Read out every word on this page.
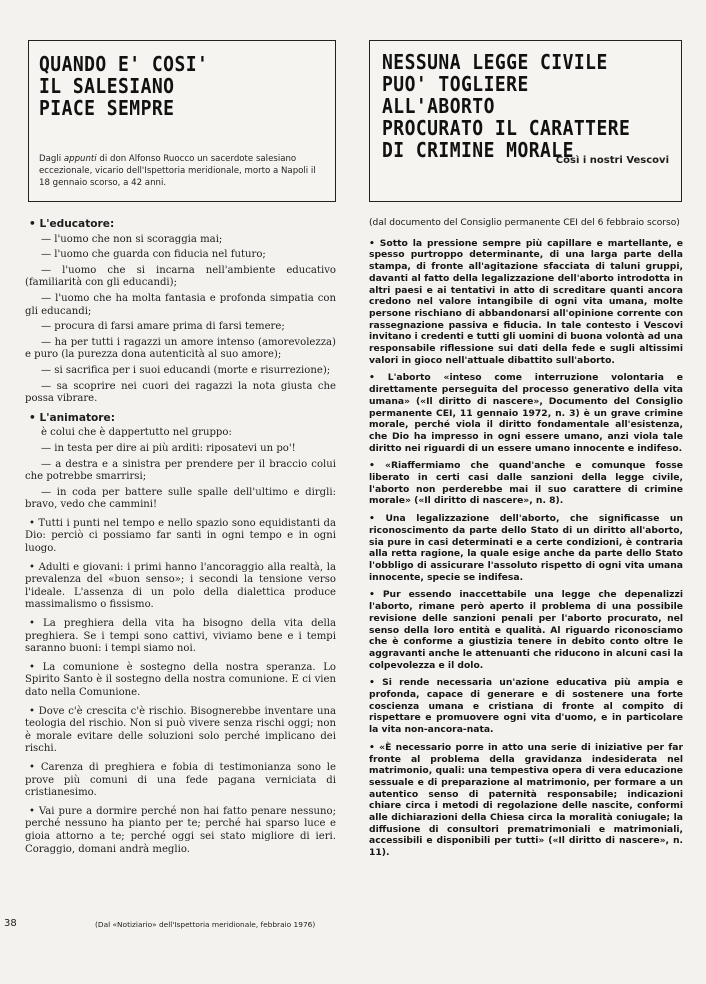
QUANDO E' COSI'
IL SALESIANO
PIACE SEMPRE
Dagli appunti di don Alfonso Ruocco un sacerdote salesiano eccezionale, vicario dell'Ispettoria meridionale, morto a Napoli il 18 gennaio scorso, a 42 anni.
NESSUNA LEGGE CIVILE
PUO' TOGLIERE ALL'ABORTO
PROCURATO IL CARATTERE
DI CRIMINE MORALE
Così i nostri Vescovi

• L'educatore:

— l'uomo che non si scoraggia mai;

— l'uomo che guarda con fiducia nel futuro;

— l'uomo che si incarna nell'ambiente educativo (familiarità con gli educandi);

— l'uomo che ha molta fantasia e profonda simpatia con gli educandi;

— procura di farsi amare prima di farsi temere;

— ha per tutti i ragazzi un amore intenso (amorevolezza) e puro (la purezza dona autenticità al suo amore);

— si sacrifica per i suoi educandi (morte e risurrezione);

— sa scoprire nei cuori dei ragazzi la nota giusta che possa vibrare.

• L'animatore:

è colui che è dappertutto nel gruppo:

— in testa per dire ai più arditi: riposatevi un po'!

— a destra e a sinistra per prendere per il braccio colui che potrebbe smarrirsi;

— in coda per battere sulle spalle dell'ultimo e dirgli: bravo, vedo che cammini!

• Tutti i punti nel tempo e nello spazio sono equidistanti da Dio: perciò ci possiamo far santi in ogni tempo e in ogni luogo.

• Adulti e giovani: i primi hanno l'ancoraggio alla realtà, la prevalenza del «buon senso»; i secondi la tensione verso l'ideale. L'assenza di un polo della dialettica produce massimalismo o fissismo.

• La preghiera della vita ha bisogno della vita della preghiera. Se i tempi sono cattivi, viviamo bene e i tempi saranno buoni: i tempi siamo noi.

• La comunione è sostegno della nostra speranza. Lo Spirito Santo è il sostegno della nostra comunione. E ci vien dato nella Comunione.

• Dove c'è crescita c'è rischio. Bisognerebbe inventare una teologia del rischio. Non si può vivere senza rischi oggi; non è morale evitare delle soluzioni solo perché implicano dei rischi.

• Carenza di preghiera e fobia di testimonianza sono le prove più comuni di una fede pagana verniciata di cristianesimo.

• Vai pure a dormire perché non hai fatto penare nessuno; perché nessuno ha pianto per te; perché hai sparso luce e gioia attorno a te; perché oggi sei stato migliore di ieri. Coraggio, domani andrà meglio.

38	(Dal «Notiziario» dell'Ispettoria meridionale, febbraio 1976)
(dal documento del Consiglio permanente CEI del 6 febbraio scorso)

• Sotto la pressione sempre più capillare e martellante, e spesso purtroppo determinante, di una larga parte della stampa, di fronte all'agitazione sfacciata di taluni gruppi, davanti al fatto della legalizzazione dell'aborto introdotta in altri paesi e ai tentativi in atto di screditare quanti ancora credono nel valore intangibile di ogni vita umana, molte persone rischiano di abbandonarsi all'opinione corrente con rassegnazione passiva e fiducia. In tale contesto i Vescovi invitano i credenti e tutti gli uomini di buona volontà ad una responsabile riflessione sui dati della fede e sugli altissimi valori in gioco nell'attuale dibattito sull'aborto.

• L'aborto «inteso come interruzione volontaria e direttamente perseguita del processo generativo della vita umana» («Il diritto di nascere», Documento del Consiglio permanente CEI, 11 gennaio 1972, n. 3) è un grave crimine morale, perché viola il diritto fondamentale all'esistenza, che Dio ha impresso in ogni essere umano, anzi viola tale diritto nei riguardi di un essere umano innocente e indifeso.

• «Riaffermiamo che quand'anche e comunque fosse liberato in certi casi dalle sanzioni della legge civile, l'aborto non perderebbe mai il suo carattere di crimine morale» («Il diritto di nascere», n. 8).

• Una legalizzazione dell'aborto, che significasse un riconoscimento da parte dello Stato di un diritto all'aborto, sia pure in casi determinati e a certe condizioni, è contraria alla retta ragione, la quale esige anche da parte dello Stato l'obbligo di assicurare l'assoluto rispetto di ogni vita umana innocente, specie se indifesa.

• Pur essendo inaccettabile una legge che depenalizzi l'aborto, rimane però aperto il problema di una possibile revisione delle sanzioni penali per l'aborto procurato, nel senso della loro entità e qualità. Al riguardo riconosciamo che è conforme a giustizia tenere in debito conto oltre le aggravanti anche le attenuanti che riducono in alcuni casi la colpevolezza e il dolo.

• Si rende necessaria un'azione educativa più ampia e profonda, capace di generare e di sostenere una forte coscienza umana e cristiana di fronte al compito di rispettare e promuovere ogni vita d'uomo, e in particolare la vita non-ancora-nata.

• «È necessario porre in atto una serie di iniziative per far fronte al problema della gravidanza indesiderata nel matrimonio, quali: una tempestiva opera di vera educazione sessuale e di preparazione al matrimonio, per formare a un autentico senso di paternità responsabile; indicazioni chiare circa i metodi di regolazione delle nascite, conformi alle dichiarazioni della Chiesa circa la moralità coniugale; la diffusione di consultori prematrimoniali e matrimoniali, accessibili e disponibili per tutti» («Il diritto di nascere», n. 11).
